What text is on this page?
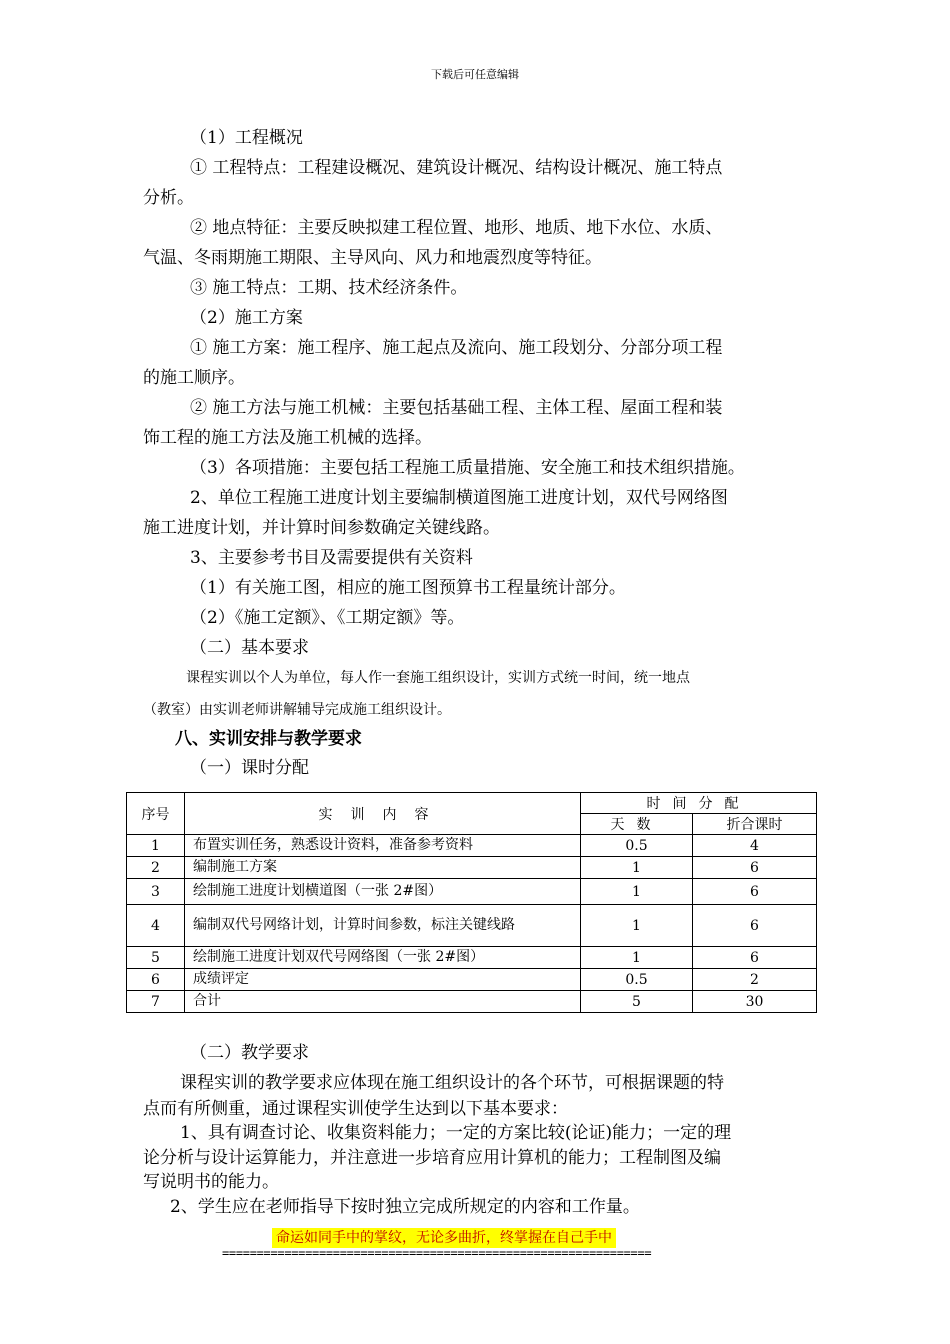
下载后可任意编辑
（1）工程概况
① 工程特点：工程建设概况、建筑设计概况、结构设计概况、施工特点
分析。
② 地点特征：主要反映拟建工程位置、地形、地质、地下水位、水质、
气温、冬雨期施工期限、主导风向、风力和地震烈度等特征。
③ 施工特点：工期、技术经济条件。
（2）施工方案
① 施工方案：施工程序、施工起点及流向、施工段划分、分部分项工程
的施工顺序。
② 施工方法与施工机械：主要包括基础工程、主体工程、屋面工程和装
饰工程的施工方法及施工机械的选择。
（3）各项措施：主要包括工程施工质量措施、安全施工和技术组织措施。
2、单位工程施工进度计划主要编制横道图施工进度计划，双代号网络图
施工进度计划，并计算时间参数确定关键线路。
3、主要参考书目及需要提供有关资料
（1）有关施工图，相应的施工图预算书工程量统计部分。
（2）《施工定额》、《工期定额》等。
（二）基本要求
课程实训以个人为单位，每人作一套施工组织设计，实训方式统一时间，统一地点
（教室）由实训老师讲解辅导完成施工组织设计。
八、实训安排与教学要求
（一）课时分配
序号	实训内容	时间分配	
		天数	折合课时
1	布置实训任务，熟悉设计资料，准备参考资料	0.5	4
2	编制施工方案	1	6
3	绘制施工进度计划横道图（一张 2#图）	1	6
4	编制双代号网络计划，计算时间参数，标注关键线路	1	6
5	绘制施工进度计划双代号网络图（一张 2#图）	1	6
6	成绩评定	0.5	2
7	合计	5	30
（二）教学要求
课程实训的教学要求应体现在施工组织设计的各个环节，可根据课题的特
点而有所侧重，通过课程实训使学生达到以下基本要求：
1、具有调查讨论、收集资料能力；一定的方案比较(论证)能力；一定的理
论分析与设计运算能力，并注意进一步培育应用计算机的能力；工程制图及编
写说明书的能力。
2、学生应在老师指导下按时独立完成所规定的内容和工作量。
命运如同手中的掌纹，无论多曲折，终掌握在自己手中
==============================================================
